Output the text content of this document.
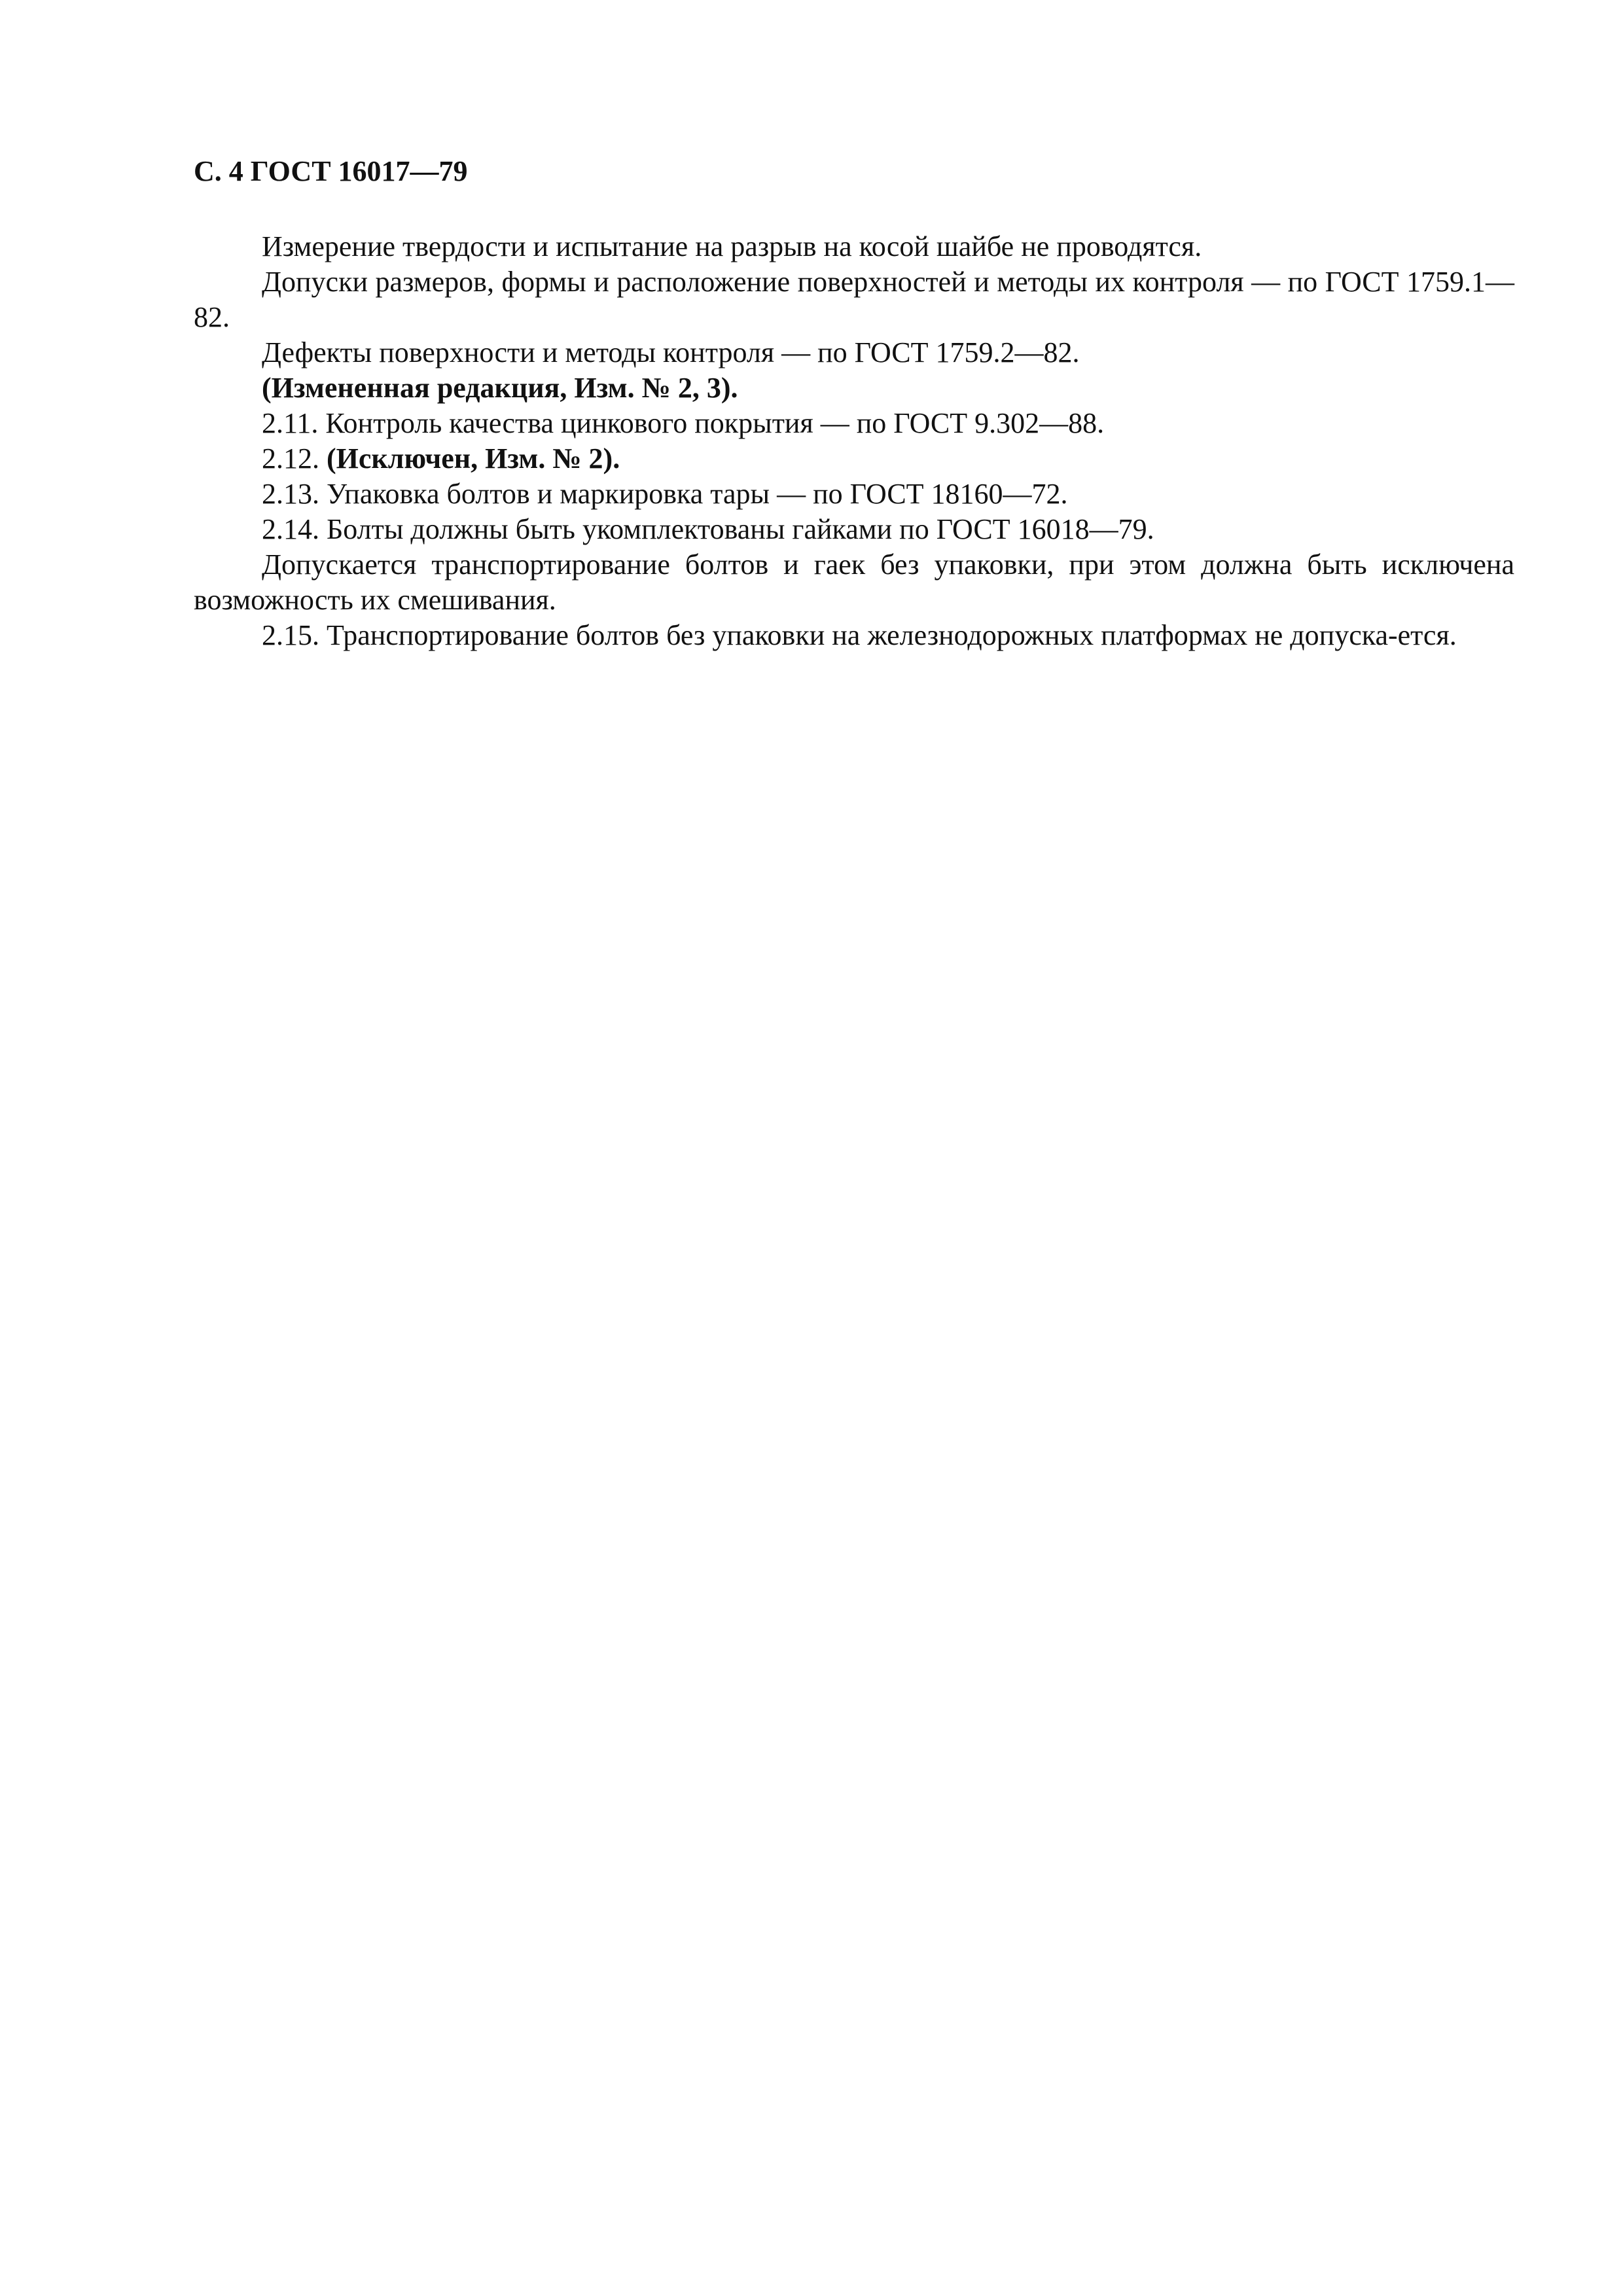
С. 4 ГОСТ 16017—79

Измерение твердости и испытание на разрыв на косой шайбе не проводятся.

Допуски размеров, формы и расположение поверхностей и методы их контроля — по ГОСТ 1759.1—82.

Дефекты поверхности и методы контроля — по ГОСТ 1759.2—82.

(Измененная редакция, Изм. № 2, 3).

2.11. Контроль качества цинкового покрытия — по ГОСТ 9.302—88.

2.12. (Исключен, Изм. № 2).

2.13. Упаковка болтов и маркировка тары — по ГОСТ 18160—72.

2.14. Болты должны быть укомплектованы гайками по ГОСТ 16018—79.

Допускается транспортирование болтов и гаек без упаковки, при этом должна быть исключена возможность их смешивания.

2.15. Транспортирование болтов без упаковки на железнодорожных платформах не допуска-ется.
